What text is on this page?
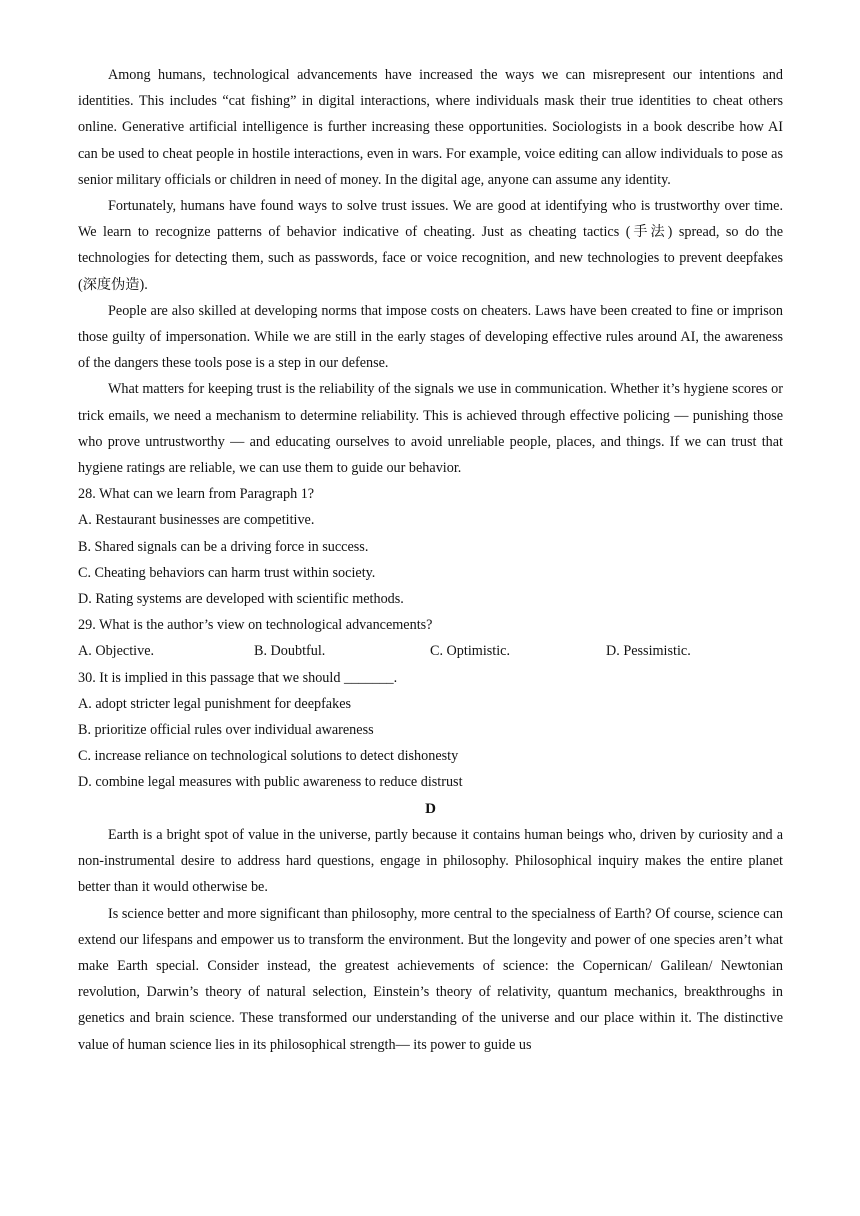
Among humans, technological advancements have increased the ways we can misrepresent our intentions and identities. This includes “cat fishing” in digital interactions, where individuals mask their true identities to cheat others online. Generative artificial intelligence is further increasing these opportunities. Sociologists in a book describe how AI can be used to cheat people in hostile interactions, even in wars. For example, voice editing can allow individuals to pose as senior military officials or children in need of money. In the digital age, anyone can assume any identity.

Fortunately, humans have found ways to solve trust issues. We are good at identifying who is trustworthy over time. We learn to recognize patterns of behavior indicative of cheating. Just as cheating tactics (手法) spread, so do the technologies for detecting them, such as passwords, face or voice recognition, and new technologies to prevent deepfakes (深度伪造).

People are also skilled at developing norms that impose costs on cheaters. Laws have been created to fine or imprison those guilty of impersonation. While we are still in the early stages of developing effective rules around AI, the awareness of the dangers these tools pose is a step in our defense.

What matters for keeping trust is the reliability of the signals we use in communication. Whether it’s hygiene scores or trick emails, we need a mechanism to determine reliability. This is achieved through effective policing — punishing those who prove untrustworthy — and educating ourselves to avoid unreliable people, places, and things. If we can trust that hygiene ratings are reliable, we can use them to guide our behavior.

28. What can we learn from Paragraph 1?

A. Restaurant businesses are competitive.

B. Shared signals can be a driving force in success.

C. Cheating behaviors can harm trust within society.

D. Rating systems are developed with scientific methods.

29. What is the author’s view on technological advancements?

A. Objective.	B. Doubtful.	C. Optimistic.	D. Pessimistic.

30. It is implied in this passage that we should _______.

A. adopt stricter legal punishment for deepfakes

B. prioritize official rules over individual awareness

C. increase reliance on technological solutions to detect dishonesty

D. combine legal measures with public awareness to reduce distrust

D

Earth is a bright spot of value in the universe, partly because it contains human beings who, driven by curiosity and a non-instrumental desire to address hard questions, engage in philosophy. Philosophical inquiry makes the entire planet better than it would otherwise be.

Is science better and more significant than philosophy, more central to the specialness of Earth? Of course, science can extend our lifespans and empower us to transform the environment. But the longevity and power of one species aren’t what make Earth special. Consider instead, the greatest achievements of science: the Copernican/ Galilean/ Newtonian revolution, Darwin’s theory of natural selection, Einstein’s theory of relativity, quantum mechanics, breakthroughs in genetics and brain science. These transformed our understanding of the universe and our place within it. The distinctive value of human science lies in its philosophical strength— its power to guide us
